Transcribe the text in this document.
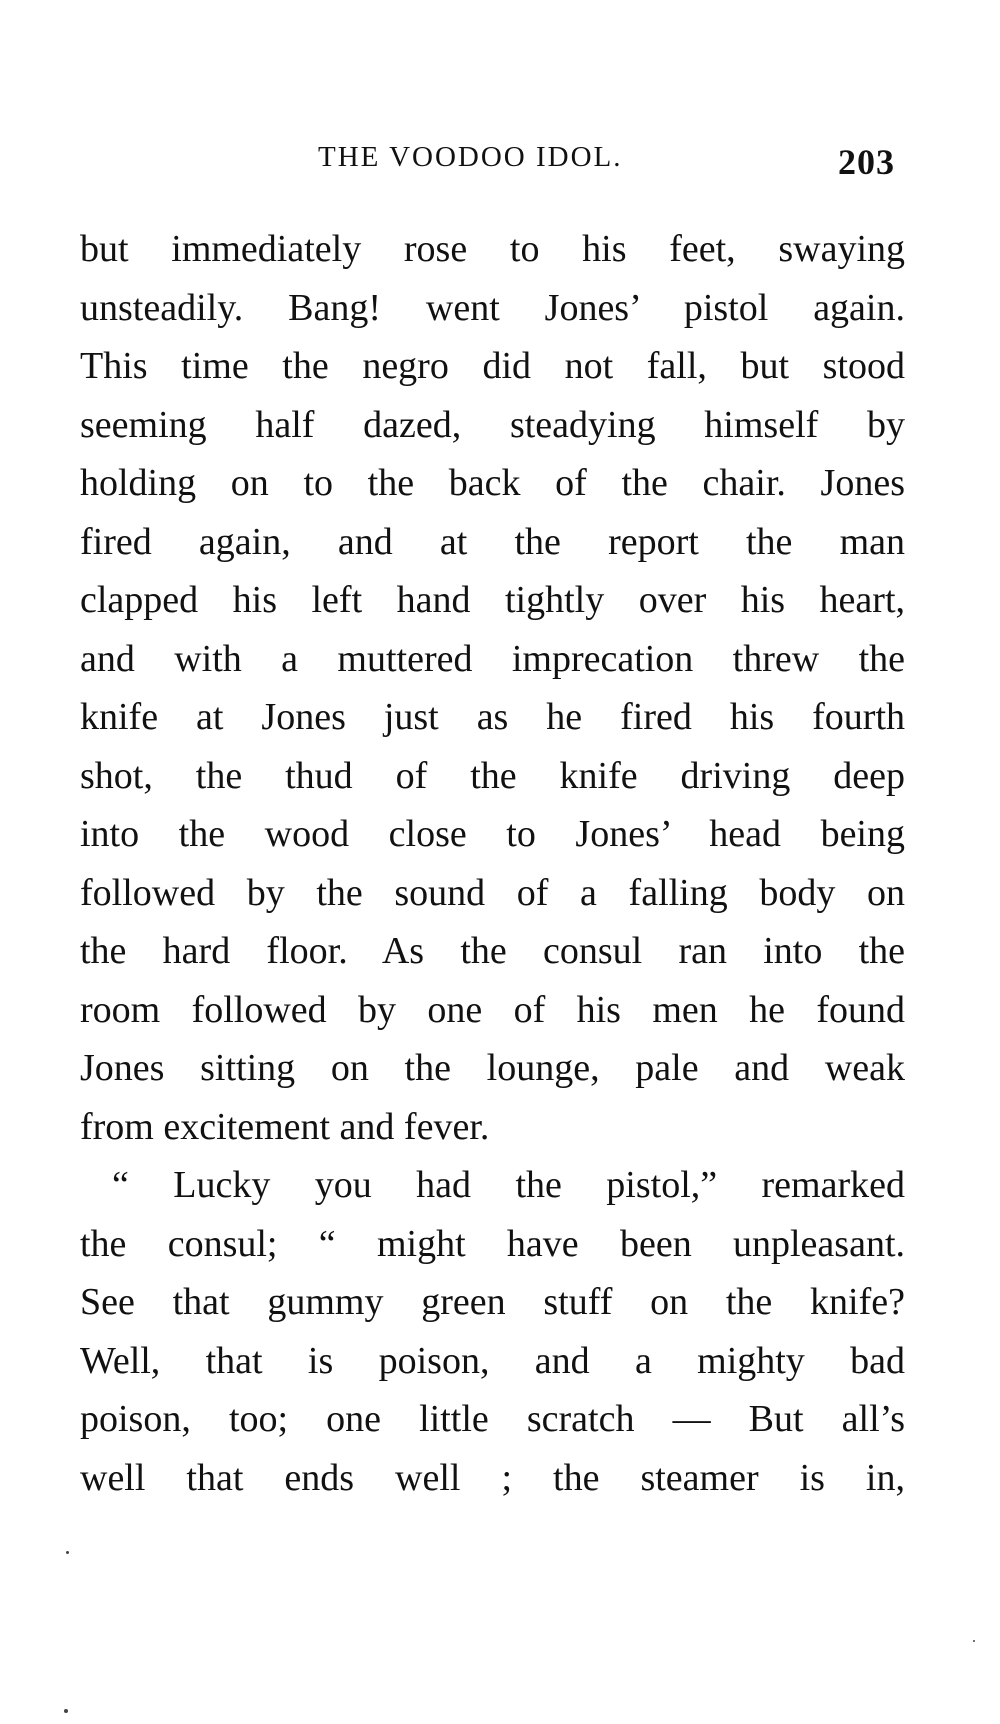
THE VOODOO IDOL.	203
but immediately rose to his feet, swaying
unsteadily. Bang! went Jones’ pistol again.
This time the negro did not fall, but stood
seeming half dazed, steadying himself by
holding on to the back of the chair. Jones
fired again, and at the report the man
clapped his left hand tightly over his heart,
and with a muttered imprecation threw the
knife at Jones just as he fired his fourth
shot, the thud of the knife driving deep
into the wood close to Jones’ head being
followed by the sound of a falling body on
the hard floor. As the consul ran into the
room followed by one of his men he found
Jones sitting on the lounge, pale and weak
from excitement and fever.
“ Lucky you had the pistol,” remarked
the consul; “ might have been unpleasant.
See that gummy green stuff on the knife?
Well, that is poison, and a mighty bad
poison, too; one little scratch — But all’s
well that ends well ; the steamer is in,
